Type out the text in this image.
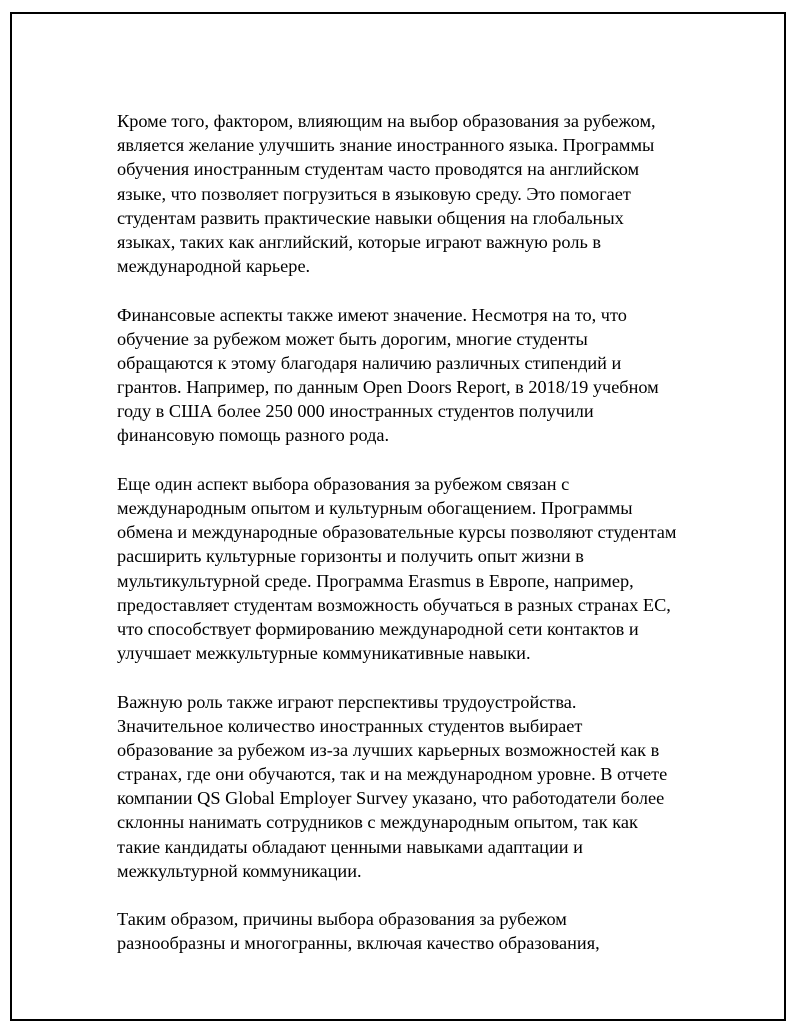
Кроме того, фактором, влияющим на выбор образования за рубежом,
является желание улучшить знание иностранного языка. Программы
обучения иностранным студентам часто проводятся на английском
языке, что позволяет погрузиться в языковую среду. Это помогает
студентам развить практические навыки общения на глобальных
языках, таких как английский, которые играют важную роль в
международной карьере.

Финансовые аспекты также имеют значение. Несмотря на то, что
обучение за рубежом может быть дорогим, многие студенты
обращаются к этому благодаря наличию различных стипендий и
грантов. Например, по данным Open Doors Report, в 2018/19 учебном
году в США более 250 000 иностранных студентов получили
финансовую помощь разного рода.

Еще один аспект выбора образования за рубежом связан с
международным опытом и культурным обогащением. Программы
обмена и международные образовательные курсы позволяют студентам
расширить культурные горизонты и получить опыт жизни в
мультикультурной среде. Программа Erasmus в Европе, например,
предоставляет студентам возможность обучаться в разных странах ЕС,
что способствует формированию международной сети контактов и
улучшает межкультурные коммуникативные навыки.

Важную роль также играют перспективы трудоустройства.
Значительное количество иностранных студентов выбирает
образование за рубежом из-за лучших карьерных возможностей как в
странах, где они обучаются, так и на международном уровне. В отчете
компании QS Global Employer Survey указано, что работодатели более
склонны нанимать сотрудников с международным опытом, так как
такие кандидаты обладают ценными навыками адаптации и
межкультурной коммуникации.

Таким образом, причины выбора образования за рубежом
разнообразны и многогранны, включая качество образования,
